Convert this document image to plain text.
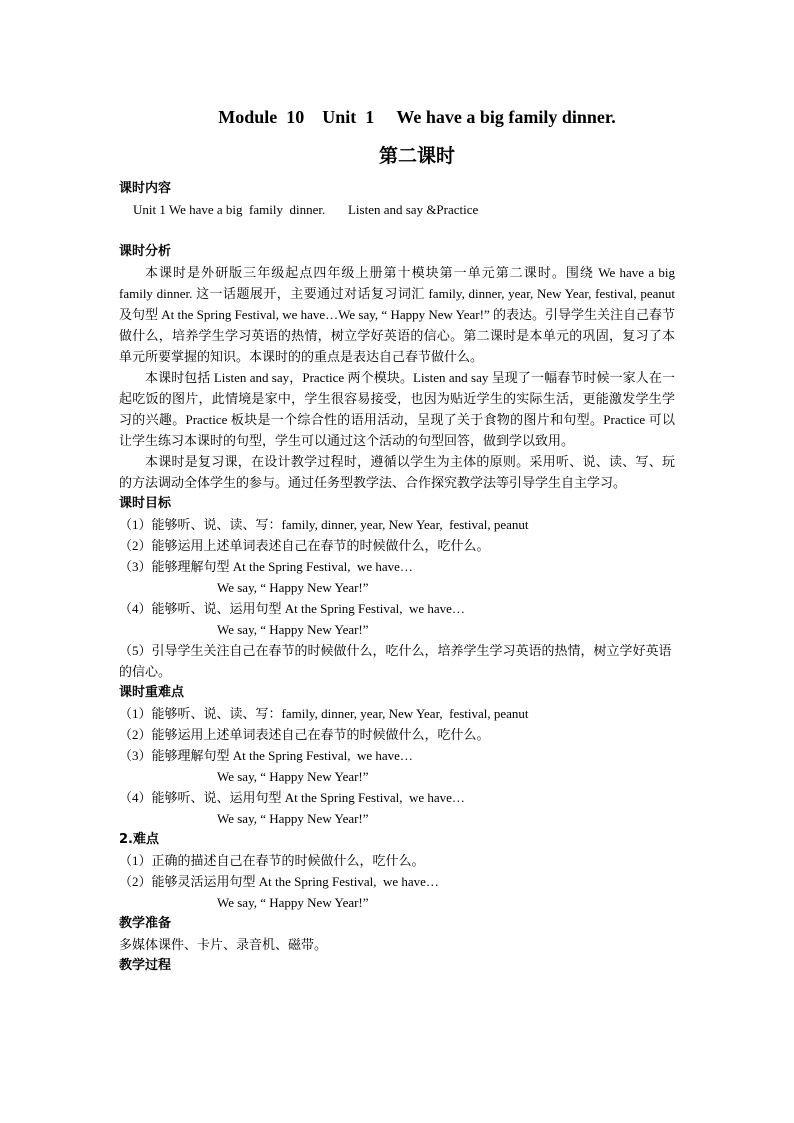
Module  10    Unit  1     We have a big family dinner.
第二课时
课时内容
Unit 1 We have a big  family  dinner.       Listen and say &Practice
课时分析

本课时是外研版三年级起点四年级上册第十模块第一单元第二课时。围绕 We have a big family dinner. 这一话题展开，主要通过对话复习词汇 family, dinner, year, New Year, festival, peanut 及句型 At the Spring Festival, we have…We say, “ Happy New Year!” 的表达。引导学生关注自己春节做什么，培养学生学习英语的热情，树立学好英语的信心。第二课时是本单元的巩固，复习了本单元所要掌握的知识。本课时的的重点是表达自己春节做什么。

本课时包括 Listen and say，Practice 两个模块。Listen and say 呈现了一幅春节时候一家人在一起吃饭的图片，此情境是家中，学生很容易接受，也因为贴近学生的实际生活，更能激发学生学习的兴趣。Practice 板块是一个综合性的语用活动，呈现了关于食物的图片和句型。Practice 可以让学生练习本课时的句型，学生可以通过这个活动的句型回答，做到学以致用。

本课时是复习课，在设计教学过程时，遵循以学生为主体的原则。采用听、说、读、写、玩的方法调动全体学生的参与。通过任务型教学法、合作探究教学法等引导学生自主学习。

课时目标
（1）能够听、说、读、写：family, dinner, year, New Year,  festival, peanut
（2）能够运用上述单词表述自己在春节的时候做什么，吃什么。
（3）能够理解句型 At the Spring Festival,  we have…
We say, “ Happy New Year!”
（4）能够听、说、运用句型 At the Spring Festival,  we have…
We say, “ Happy New Year!”
（5）引导学生关注自己在春节的时候做什么，吃什么，培养学生学习英语的热情，树立学好英语的信心。
课时重难点
（1）能够听、说、读、写：family, dinner, year, New Year,  festival, peanut
（2）能够运用上述单词表述自己在春节的时候做什么，吃什么。
（3）能够理解句型 At the Spring Festival,  we have…
We say, “ Happy New Year!”
（4）能够听、说、运用句型 At the Spring Festival,  we have…
We say, “ Happy New Year!”
2.难点
（1）正确的描述自己在春节的时候做什么，吃什么。
（2）能够灵活运用句型 At the Spring Festival,  we have…
We say, “ Happy New Year!”
教学准备
多媒体课件、卡片、录音机、磁带。
教学过程
